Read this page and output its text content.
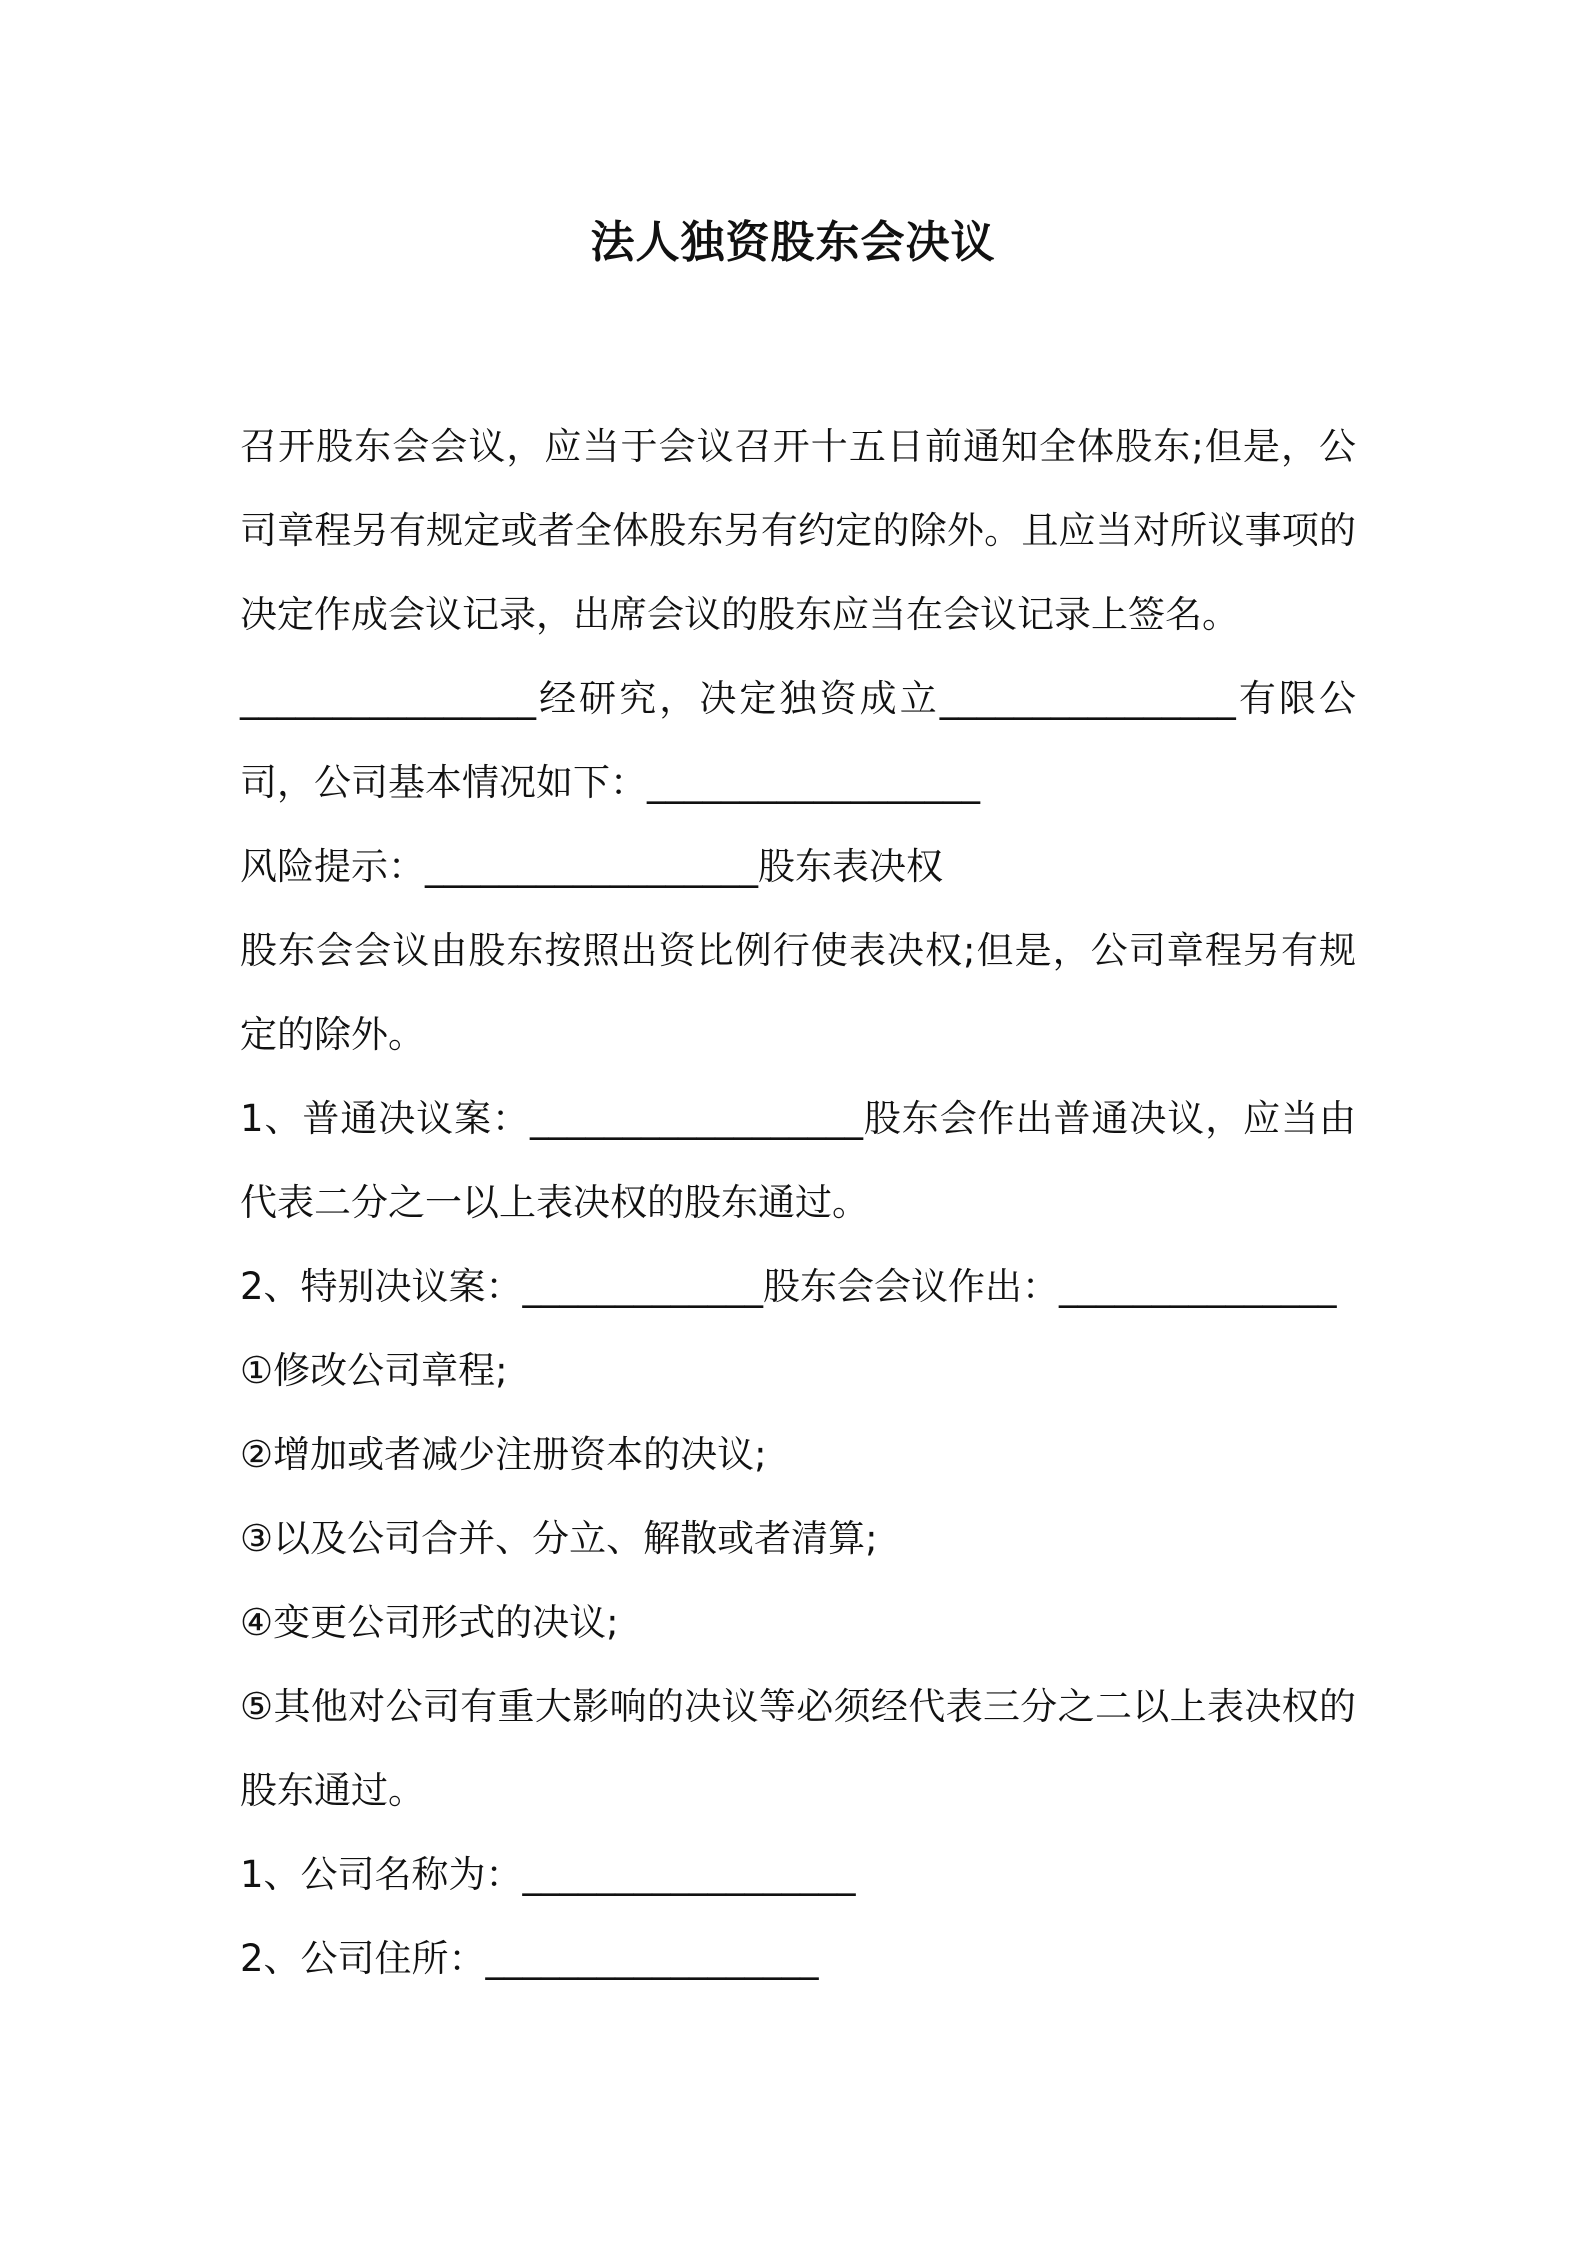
法人独资股东会决议

召开股东会会议，应当于会议召开十五日前通知全体股东;但是，公司章程另有规定或者全体股东另有约定的除外。且应当对所议事项的决定作成会议记录，出席会议的股东应当在会议记录上签名。

________________经研究，决定独资成立________________有限公司，公司基本情况如下：__________________

风险提示：__________________股东表决权

股东会会议由股东按照出资比例行使表决权;但是，公司章程另有规定的除外。

1、普通决议案：__________________股东会作出普通决议，应当由代表二分之一以上表决权的股东通过。

2、特别决议案：_____________股东会会议作出：_______________

①修改公司章程;

②增加或者减少注册资本的决议;

③以及公司合并、分立、解散或者清算;

④变更公司形式的决议;

⑤其他对公司有重大影响的决议等必须经代表三分之二以上表决权的股东通过。

1、公司名称为：__________________

2、公司住所：__________________
